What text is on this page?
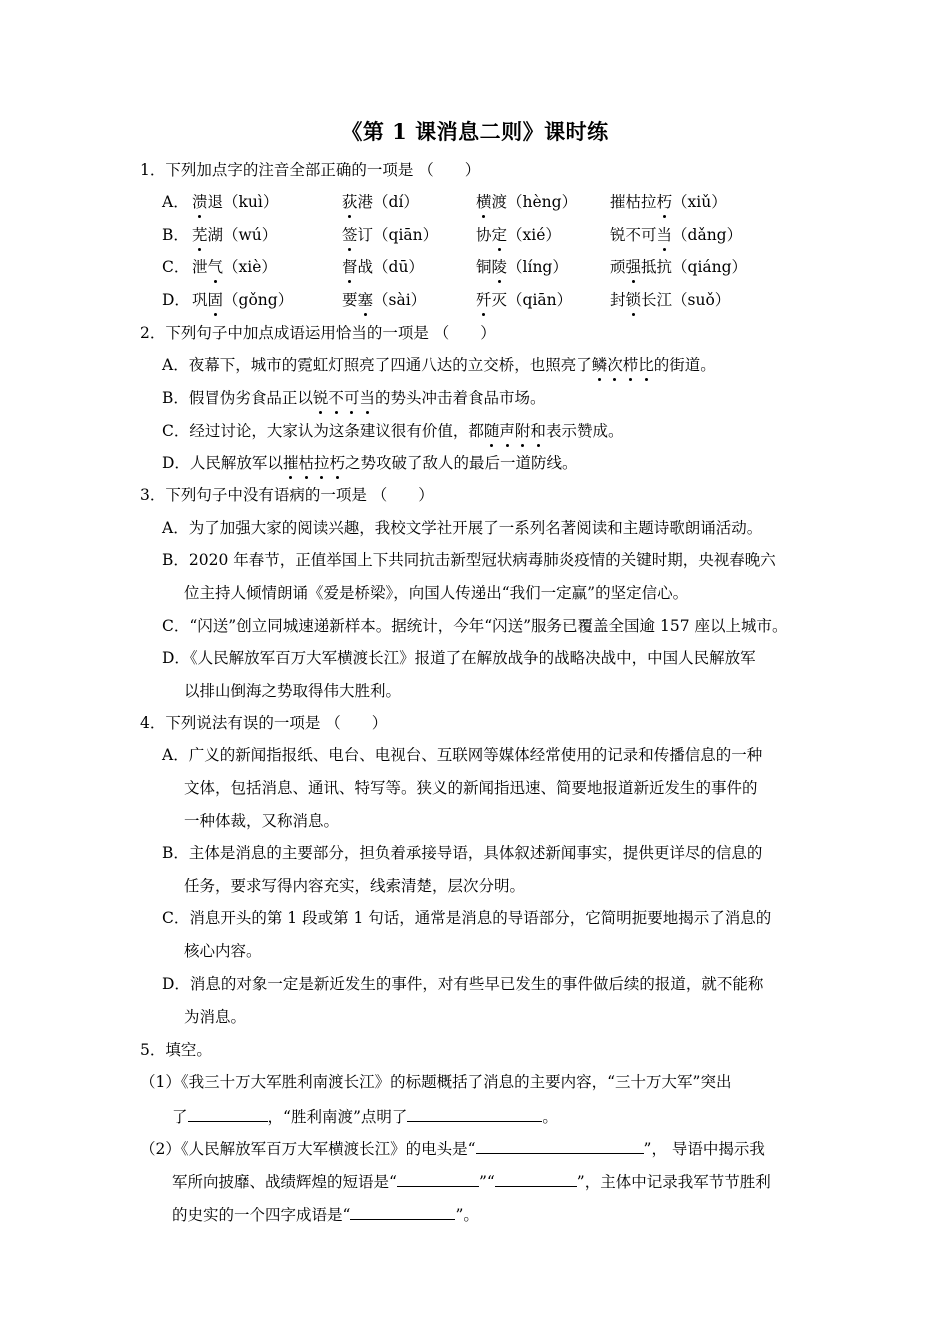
《第 1 课消息二则》课时练
1．下列加点字的注音全部正确的一项是 （　　）
A． 溃退（kuì）	荻港（dí）	横渡（hèng） 摧枯拉朽（xiǔ）
B． 芜湖（wú）	签订（qiān） 协定（xié）	锐不可当（dǎng）
C． 泄气（xiè）	督战（dū）	铜陵（líng）	顽强抵抗（qiáng）
D． 巩固（gǒng）	要塞（sài）	歼灭（qiān） 封锁长江（suǒ）
2．下列句子中加点成语运用恰当的一项是 （　　）
A．夜幕下，城市的霓虹灯照亮了四通八达的立交桥，也照亮了鳞次栉比的街道。
B．假冒伪劣食品正以锐不可当的势头冲击着食品市场。
C．经过讨论，大家认为这条建议很有价值，都随声附和表示赞成。
D．人民解放军以摧枯拉朽之势攻破了敌人的最后一道防线。
3．下列句子中没有语病的一项是 （　　）
A．为了加强大家的阅读兴趣，我校文学社开展了一系列名著阅读和主题诗歌朗诵活动。
B．2020 年春节，正值举国上下共同抗击新型冠状病毒肺炎疫情的关键时期，央视春晚六
位主持人倾情朗诵《爱是桥梁》，向国人传递出“我们一定赢”的坚定信心。
C．“闪送”创立同城速递新样本。据统计，今年“闪送”服务已覆盖全国逾 157 座以上城市。
D．《人民解放军百万大军横渡长江》报道了在解放战争的战略决战中，中国人民解放军
以排山倒海之势取得伟大胜利。
4．下列说法有误的一项是 （　　）
A．广义的新闻指报纸、电台、电视台、互联网等媒体经常使用的记录和传播信息的一种
文体，包括消息、通讯、特写等。狭义的新闻指迅速、简要地报道新近发生的事件的
一种体裁，又称消息。
B．主体是消息的主要部分，担负着承接导语，具体叙述新闻事实，提供更详尽的信息的
任务，要求写得内容充实，线索清楚，层次分明。
C．消息开头的第 1 段或第 1 句话，通常是消息的导语部分，它简明扼要地揭示了消息的
核心内容。
D．消息的对象一定是新近发生的事件，对有些早已发生的事件做后续的报道，就不能称
为消息。
5．填空。
（1）《我三十万大军胜利南渡长江》的标题概括了消息的主要内容，“三十万大军”突出
了	，“胜利南渡”点明了	。
（2）《人民解放军百万大军横渡长江》的电头是“	”， 导语中揭示我
军所向披靡、战绩辉煌的短语是“	”“	”，主体中记录我军节节胜利
的史实的一个四字成语是“	”。
